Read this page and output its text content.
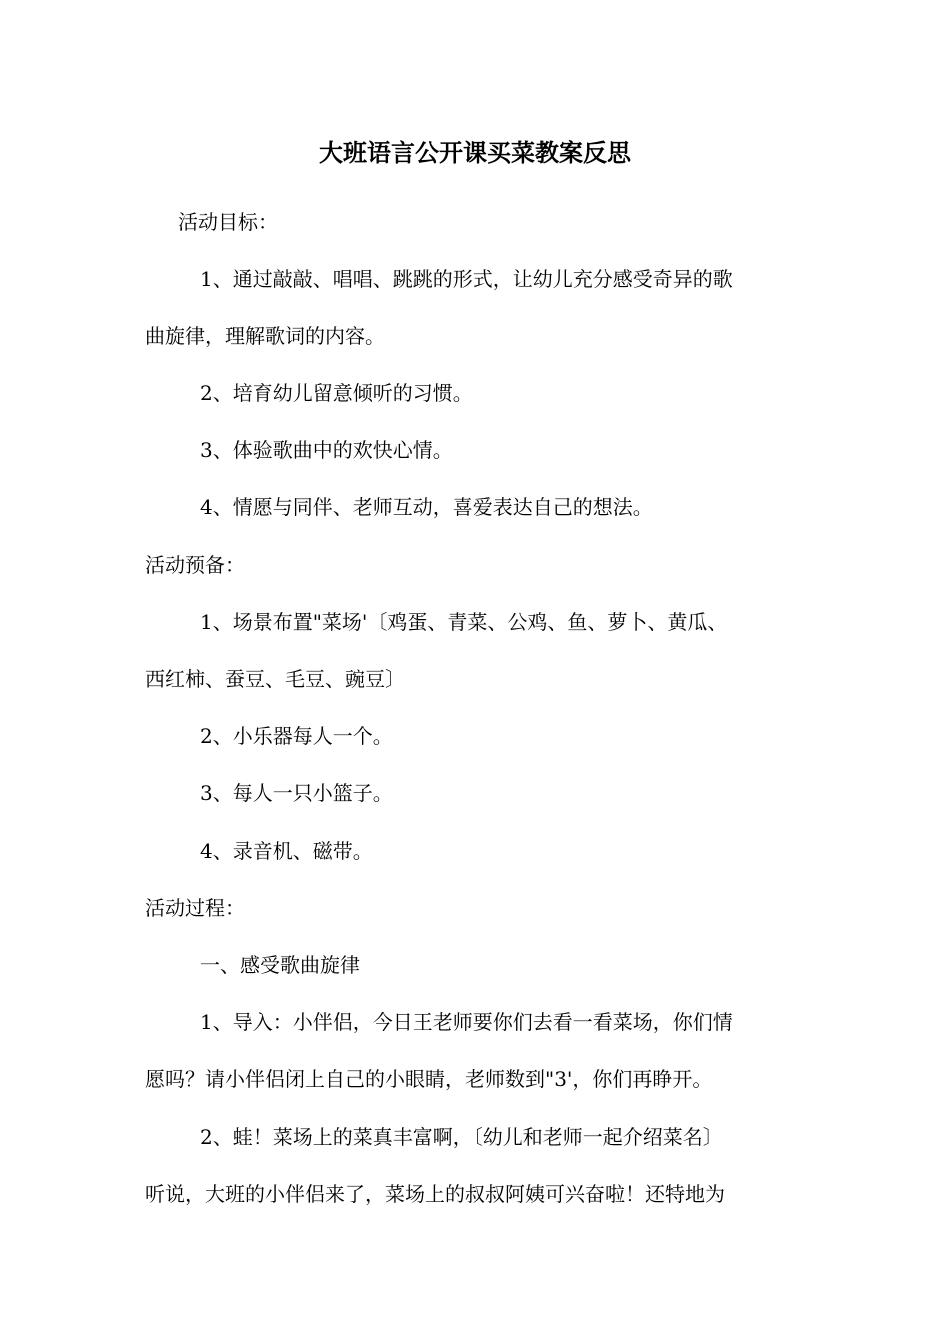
大班语言公开课买菜教案反思
活动目标：
1、通过敲敲、唱唱、跳跳的形式，让幼儿充分感受奇异的歌
曲旋律，理解歌词的内容。
2、培育幼儿留意倾听的习惯。
3、体验歌曲中的欢快心情。
4、情愿与同伴、老师互动，喜爱表达自己的想法。
活动预备：
1、场景布置"菜场'〔鸡蛋、青菜、公鸡、鱼、萝卜、黄瓜、
西红柿、蚕豆、毛豆、豌豆〕
2、小乐器每人一个。
3、每人一只小篮子。
4、录音机、磁带。
活动过程：
一、感受歌曲旋律
1、导入：小伴侣，今日王老师要你们去看一看菜场，你们情
愿吗？请小伴侣闭上自己的小眼睛，老师数到"3'，你们再睁开。
2、蛙！菜场上的菜真丰富啊，〔幼儿和老师一起介绍菜名〕
听说，大班的小伴侣来了，菜场上的叔叔阿姨可兴奋啦！还特地为
